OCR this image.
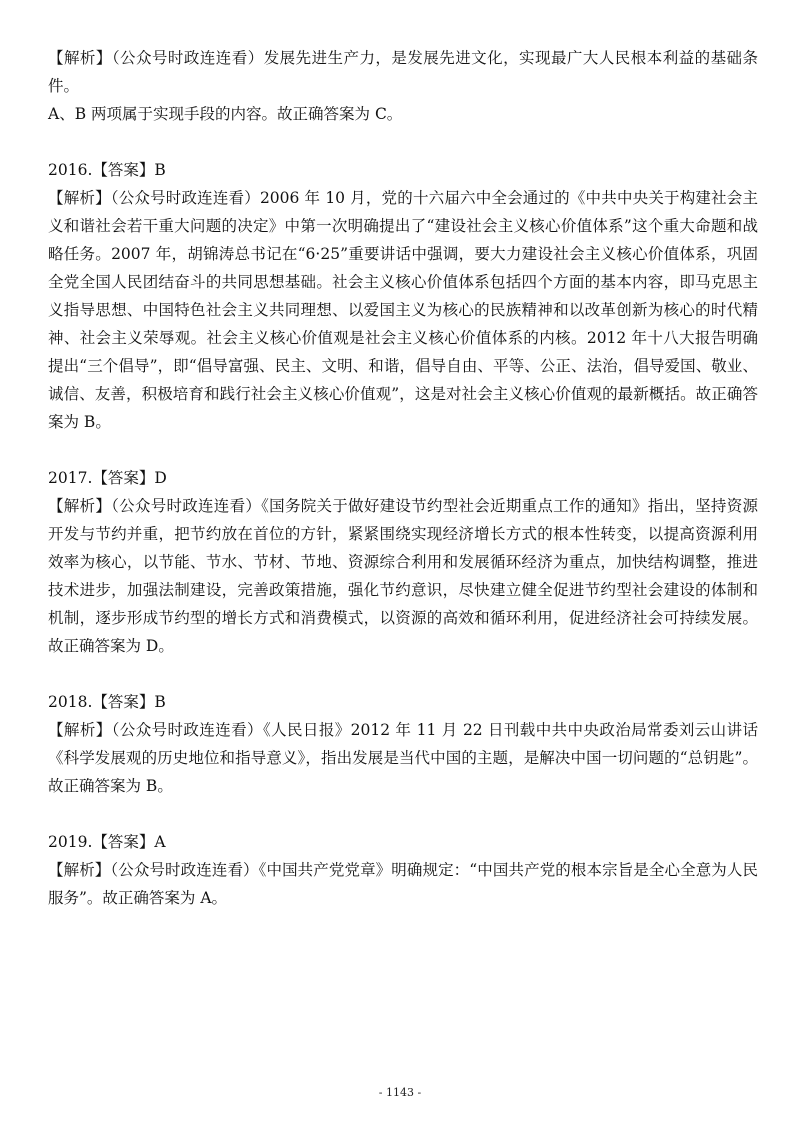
【解析】（公众号时政连连看）发展先进生产力，是发展先进文化，实现最广大人民根本利益的基础条件。

A、B 两项属于实现手段的内容。故正确答案为 C。

2016.【答案】B

【解析】（公众号时政连连看）2006 年 10 月，党的十六届六中全会通过的《中共中央关于构建社会主义和谐社会若干重大问题的决定》中第一次明确提出了“建设社会主义核心价值体系”这个重大命题和战略任务。2007 年，胡锦涛总书记在“6·25”重要讲话中强调，要大力建设社会主义核心价值体系，巩固全党全国人民团结奋斗的共同思想基础。社会主义核心价值体系包括四个方面的基本内容，即马克思主义指导思想、中国特色社会主义共同理想、以爱国主义为核心的民族精神和以改革创新为核心的时代精神、社会主义荣辱观。社会主义核心价值观是社会主义核心价值体系的内核。2012 年十八大报告明确提出“三个倡导”，即“倡导富强、民主、文明、和谐，倡导自由、平等、公正、法治，倡导爱国、敬业、诚信、友善，积极培育和践行社会主义核心价值观”，这是对社会主义核心价值观的最新概括。故正确答案为 B。

2017.【答案】D

【解析】（公众号时政连连看）《国务院关于做好建设节约型社会近期重点工作的通知》指出，坚持资源开发与节约并重，把节约放在首位的方针，紧紧围绕实现经济增长方式的根本性转变，以提高资源利用效率为核心，以节能、节水、节材、节地、资源综合利用和发展循环经济为重点，加快结构调整，推进技术进步，加强法制建设，完善政策措施，强化节约意识，尽快建立健全促进节约型社会建设的体制和机制，逐步形成节约型的增长方式和消费模式，以资源的高效和循环利用，促进经济社会可持续发展。故正确答案为 D。

2018.【答案】B

【解析】（公众号时政连连看）《人民日报》2012 年 11 月 22 日刊载中共中央政治局常委刘云山讲话《科学发展观的历史地位和指导意义》，指出发展是当代中国的主题，是解决中国一切问题的“总钥匙”。故正确答案为 B。

2019.【答案】A

【解析】（公众号时政连连看）《中国共产党党章》明确规定：“中国共产党的根本宗旨是全心全意为人民服务”。故正确答案为 A。

- 1143 -
